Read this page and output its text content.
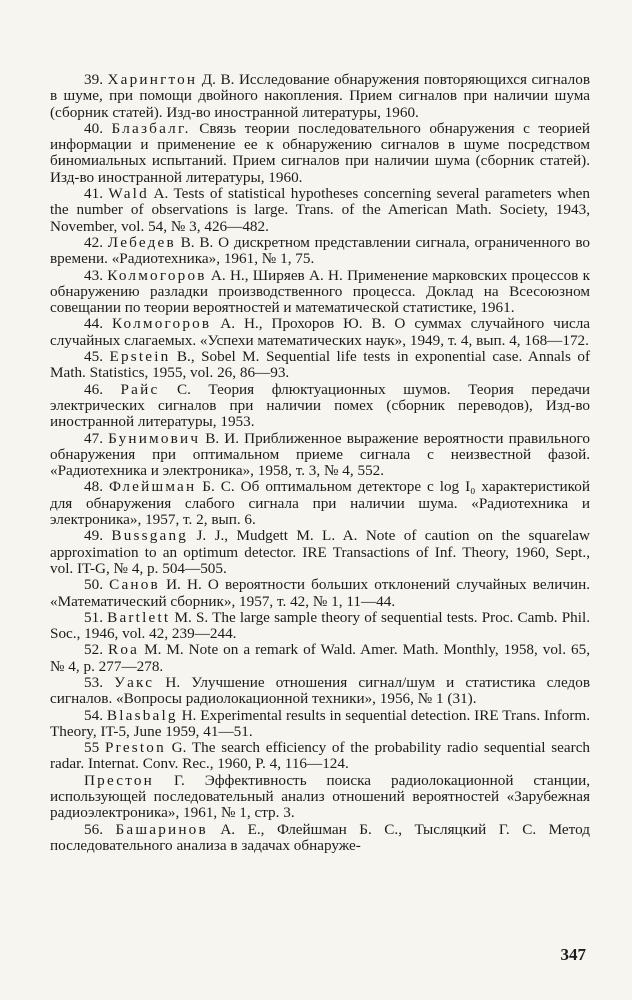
39. Харингтон Д. В. Исследование обнаружения повторяющихся сигналов в шуме, при помощи двойного накопления. Прием сигналов при наличии шума (сборник статей). Изд-во иностранной литературы, 1960.

40. Блазбалг. Связь теории последовательного обнаружения с теорией информации и применение ее к обнаружению сигналов в шуме посредством биномиальных испытаний. Прием сигналов при наличии шума (сборник статей). Изд-во иностранной литературы, 1960.

41. Wald A. Tests of statistical hypotheses concerning several parameters when the number of observations is large. Trans. of the American Math. Society, 1943, November, vol. 54, № 3, 426—482.

42. Лебедев В. В. О дискретном представлении сигнала, ограниченного во времени. «Радиотехника», 1961, № 1, 75.

43. Колмогоров А. Н., Ширяев А. Н. Применение марковских процессов к обнаружению разладки производственного процесса. Доклад на Всесоюзном совещании по теории вероятностей и математической статистике, 1961.

44. Колмогоров А. Н., Прохоров Ю. В. О суммах случайного числа случайных слагаемых. «Успехи математических наук», 1949, т. 4, вып. 4, 168—172.

45. Epstein B., Sobel M. Sequential life tests in exponential case. Annals of Math. Statistics, 1955, vol. 26, 86—93.

46. Райс С. Теория флюктуационных шумов. Теория передачи электрических сигналов при наличии помех (сборник переводов), Изд-во иностранной литературы, 1953.

47. Бунимович В. И. Приближенное выражение вероятности правильного обнаружения при оптимальном приеме сигнала с неизвестной фазой. «Радиотехника и электроника», 1958, т. 3, № 4, 552.

48. Флейшман Б. С. Об оптимальном детекторе с log I₀ характеристикой для обнаружения слабого сигнала при наличии шума. «Радиотехника и электроника», 1957, т. 2, вып. 6.

49. Bussgang J. J., Mudgett M. L. A. Note of caution on the squarelaw approximation to an optimum detector. IRE Transactions of Inf. Theory, 1960, Sept., vol. IT-G, № 4, p. 504—505.

50. Санов И. Н. О вероятности больших отклонений случайных величин. «Математический сборник», 1957, т. 42, № 1, 11—44.

51. Bartlett M. S. The large sample theory of sequential tests. Proc. Camb. Phil. Soc., 1946, vol. 42, 239—244.

52. Roa M. M. Note on a remark of Wald. Amer. Math. Monthly, 1958, vol. 65, № 4, p. 277—278.

53. Уакс Н. Улучшение отношения сигнал/шум и статистика следов сигналов. «Вопросы радиолокационной техники», 1956, № 1 (31).

54. Blasbalg H. Experimental results in sequential detection. IRE Trans. Inform. Theory, IT-5, June 1959, 41—51.

55 Preston G. The search efficiency of the probability radio sequential search radar. Internat. Conv. Rec., 1960, P. 4, 116—124.

Престон Г. Эффективность поиска радиолокационной станции, использующей последовательный анализ отношений вероятностей «Зарубежная радиоэлектроника», 1961, № 1, стр. 3.

56. Башаринов А. Е., Флейшман Б. С., Тысляцкий Г. С. Метод последовательного анализа в задачах обнаруже-

347
